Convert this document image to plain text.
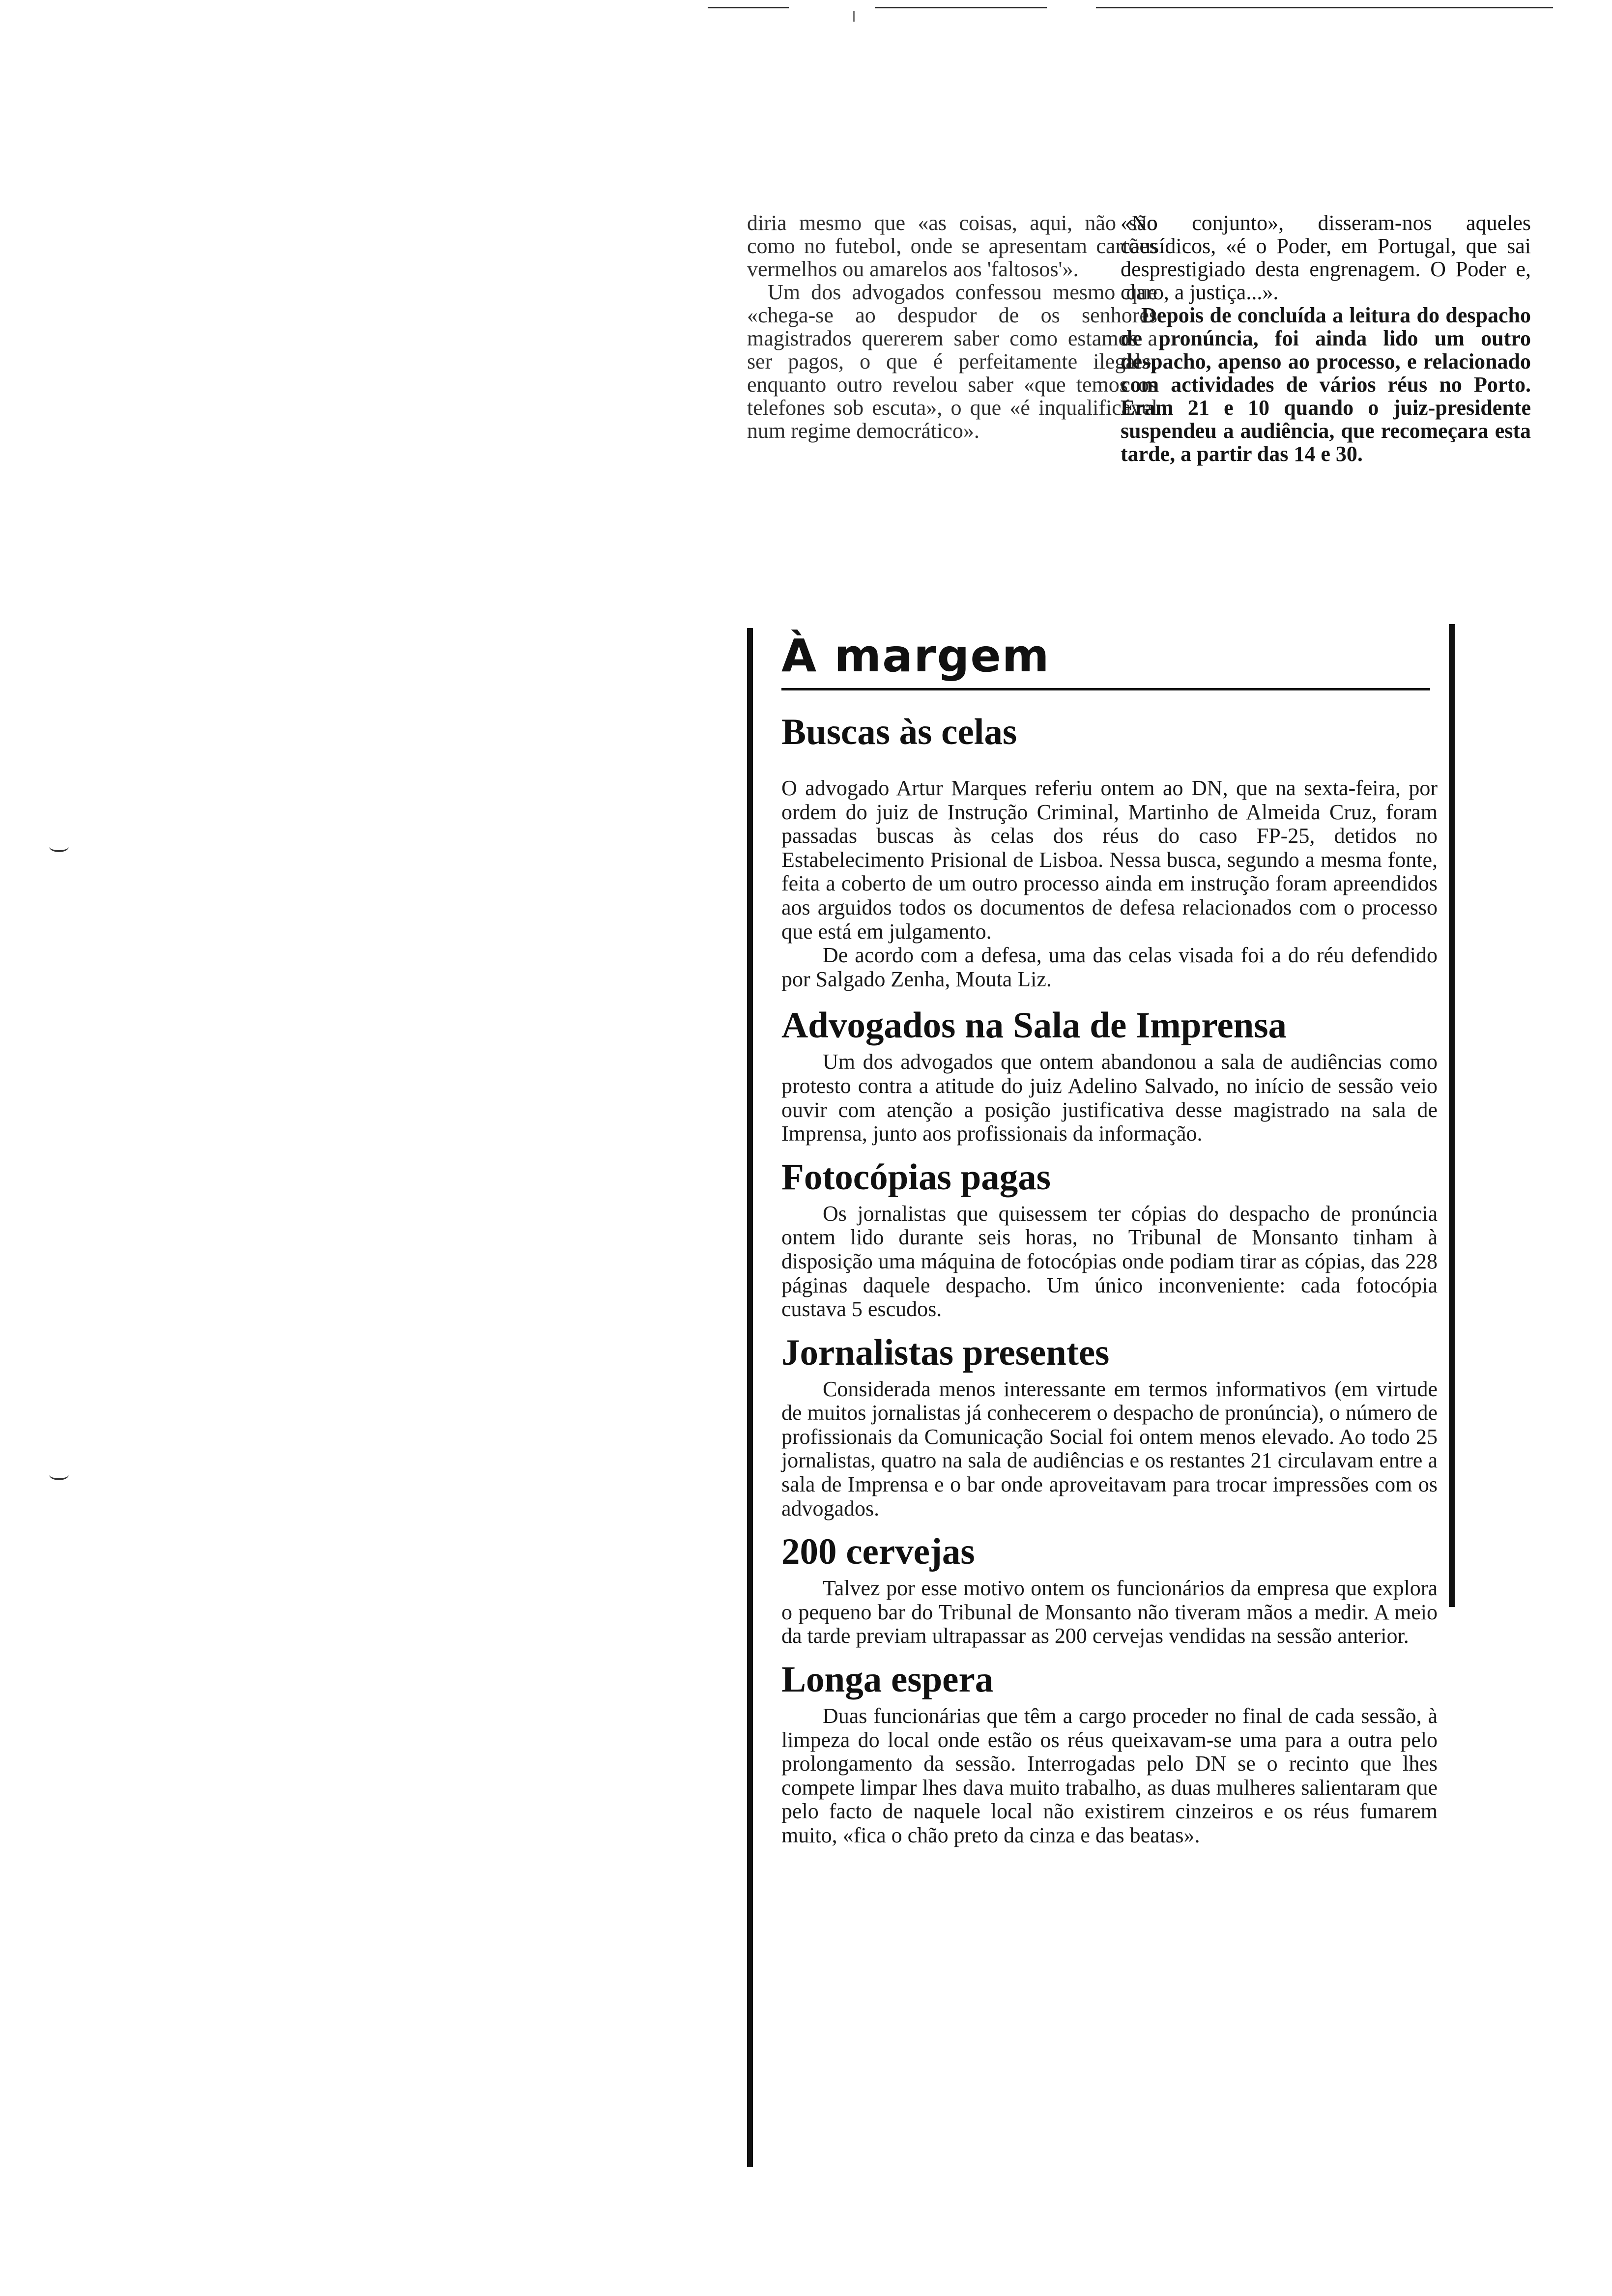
diria mesmo que «as coisas, aqui, não são como no futebol, onde se apresentam cartões vermelhos ou amarelos aos 'faltosos'».

Um dos advogados confessou mesmo que «chega-se ao despudor de os senhores magistrados quererem saber como estamos a ser pagos, o que é perfeitamente ilegal», enquanto outro revelou saber «que temos os telefones sob escuta», o que «é inqualificável num regime democrático».

«No conjunto», disseram-nos aqueles causídicos, «é o Poder, em Portugal, que sai desprestigiado desta engrenagem. O Poder e, claro, a justiça...».

Depois de concluída a leitura do despacho de pronúncia, foi ainda lido um outro despacho, apenso ao processo, e relacionado com actividades de vários réus no Porto. Eram 21 e 10 quando o juiz-presidente suspendeu a audiência, que recomeçara esta tarde, a partir das 14 e 30.

À margem
Buscas às celas

O advogado Artur Marques referiu ontem ao DN, que na sexta-feira, por ordem do juiz de Instrução Criminal, Martinho de Almeida Cruz, foram passadas buscas às celas dos réus do caso FP-25, detidos no Estabelecimento Prisional de Lisboa. Nessa busca, segundo a mesma fonte, feita a coberto de um outro processo ainda em instrução foram apreendidos aos arguidos todos os documentos de defesa relacionados com o processo que está em julgamento.

De acordo com a defesa, uma das celas visada foi a do réu defendido por Salgado Zenha, Mouta Liz.

Advogados na Sala de Imprensa

Um dos advogados que ontem abandonou a sala de audiências como protesto contra a atitude do juiz Adelino Salvado, no início de sessão veio ouvir com atenção a posição justificativa desse magistrado na sala de Imprensa, junto aos profissionais da informação.

Fotocópias pagas

Os jornalistas que quisessem ter cópias do despacho de pronúncia ontem lido durante seis horas, no Tribunal de Monsanto tinham à disposição uma máquina de fotocópias onde podiam tirar as cópias, das 228 páginas daquele despacho. Um único inconveniente: cada fotocópia custava 5 escudos.

Jornalistas presentes

Considerada menos interessante em termos informativos (em virtude de muitos jornalistas já conhecerem o despacho de pronúncia), o número de profissionais da Comunicação Social foi ontem menos elevado. Ao todo 25 jornalistas, quatro na sala de audiências e os restantes 21 circulavam entre a sala de Imprensa e o bar onde aproveitavam para trocar impressões com os advogados.

200 cervejas

Talvez por esse motivo ontem os funcionários da empresa que explora o pequeno bar do Tribunal de Monsanto não tiveram mãos a medir. A meio da tarde previam ultrapassar as 200 cervejas vendidas na sessão anterior.

Longa espera

Duas funcionárias que têm a cargo proceder no final de cada sessão, à limpeza do local onde estão os réus queixavam-se uma para a outra pelo prolongamento da sessão. Interrogadas pelo DN se o recinto que lhes compete limpar lhes dava muito trabalho, as duas mulheres salientaram que pelo facto de naquele local não existirem cinzeiros e os réus fumarem muito, «fica o chão preto da cinza e das beatas».
